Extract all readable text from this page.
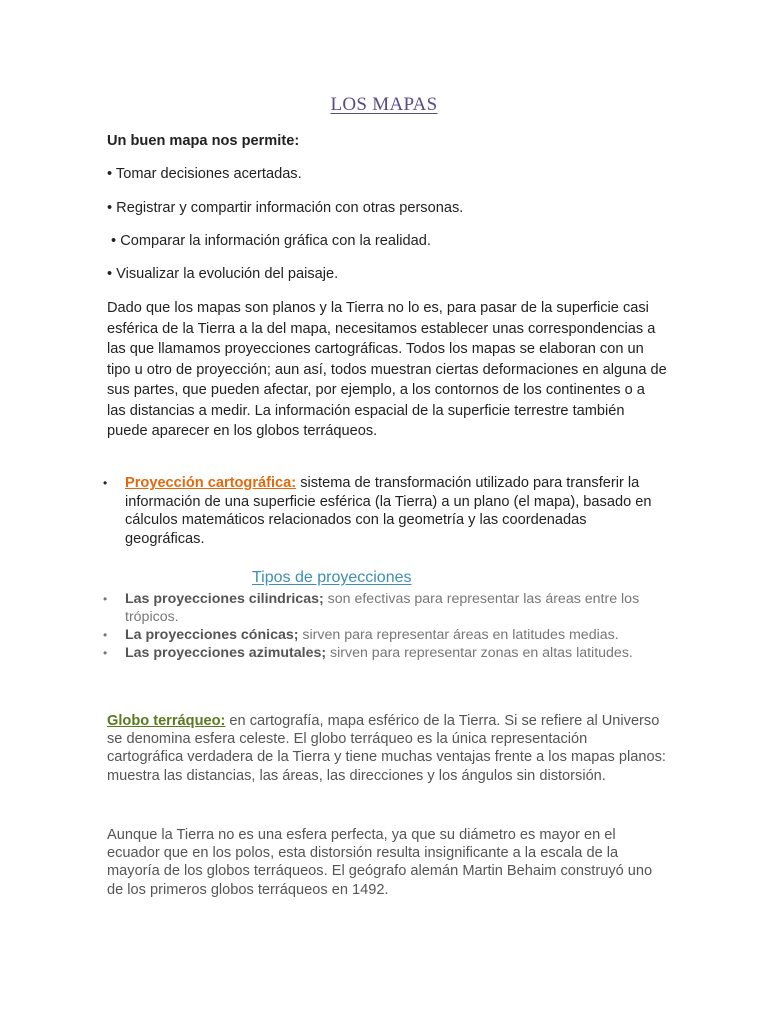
LOS MAPAS
Un buen mapa nos permite:
• Tomar decisiones acertadas.
• Registrar y compartir información con otras personas.
• Comparar la información gráfica con la realidad.
• Visualizar la evolución del paisaje.
Dado que los mapas son planos y la Tierra no lo es, para pasar de la superficie casi esférica de la Tierra a la del mapa, necesitamos establecer unas correspondencias a las que llamamos proyecciones cartográficas. Todos los mapas se elaboran con un tipo u otro de proyección; aun así, todos muestran ciertas deformaciones en alguna de sus partes, que pueden afectar, por ejemplo, a los contornos de los continentes o a las distancias a medir. La información espacial de la superficie terrestre también puede aparecer en los globos terráqueos.
• Proyección cartográfica: sistema de transformación utilizado para transferir la información de una superficie esférica (la Tierra) a un plano (el mapa), basado en cálculos matemáticos relacionados con la geometría y las coordenadas geográficas.
Tipos de proyecciones
• Las proyecciones cilindricas; son efectivas para representar las áreas entre los trópicos.
• La proyecciones cónicas; sirven para representar áreas en latitudes medias.
• Las proyecciones azimutales; sirven para representar zonas en altas latitudes.
Globo terráqueo: en cartografía, mapa esférico de la Tierra. Si se refiere al Universo se denomina esfera celeste. El globo terráqueo es la única representación cartográfica verdadera de la Tierra y tiene muchas ventajas frente a los mapas planos: muestra las distancias, las áreas, las direcciones y los ángulos sin distorsión.
Aunque la Tierra no es una esfera perfecta, ya que su diámetro es mayor en el ecuador que en los polos, esta distorsión resulta insignificante a la escala de la mayoría de los globos terráqueos. El geógrafo alemán Martin Behaim construyó uno de los primeros globos terráqueos en 1492.
